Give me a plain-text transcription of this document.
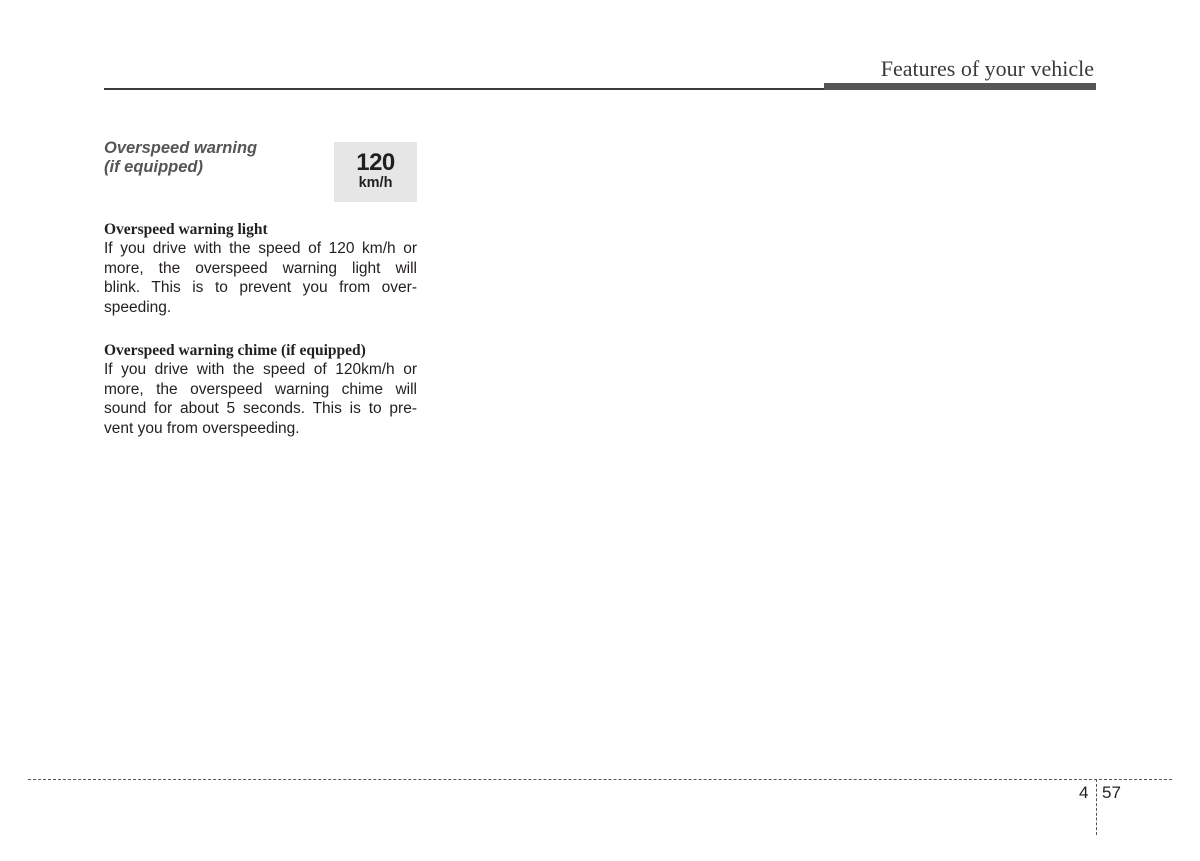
Features of your vehicle
Overspeed warning
(if equipped)	120
km/h
Overspeed warning light
If you drive with the speed of 120 km/h or
more, the overspeed warning light will
blink. This is to prevent you from over-
speeding.
Overspeed warning chime (if equipped)
If you drive with the speed of 120km/h or
more, the overspeed warning chime will
sound for about 5 seconds. This is to pre-
vent you from overspeeding.
4 57
